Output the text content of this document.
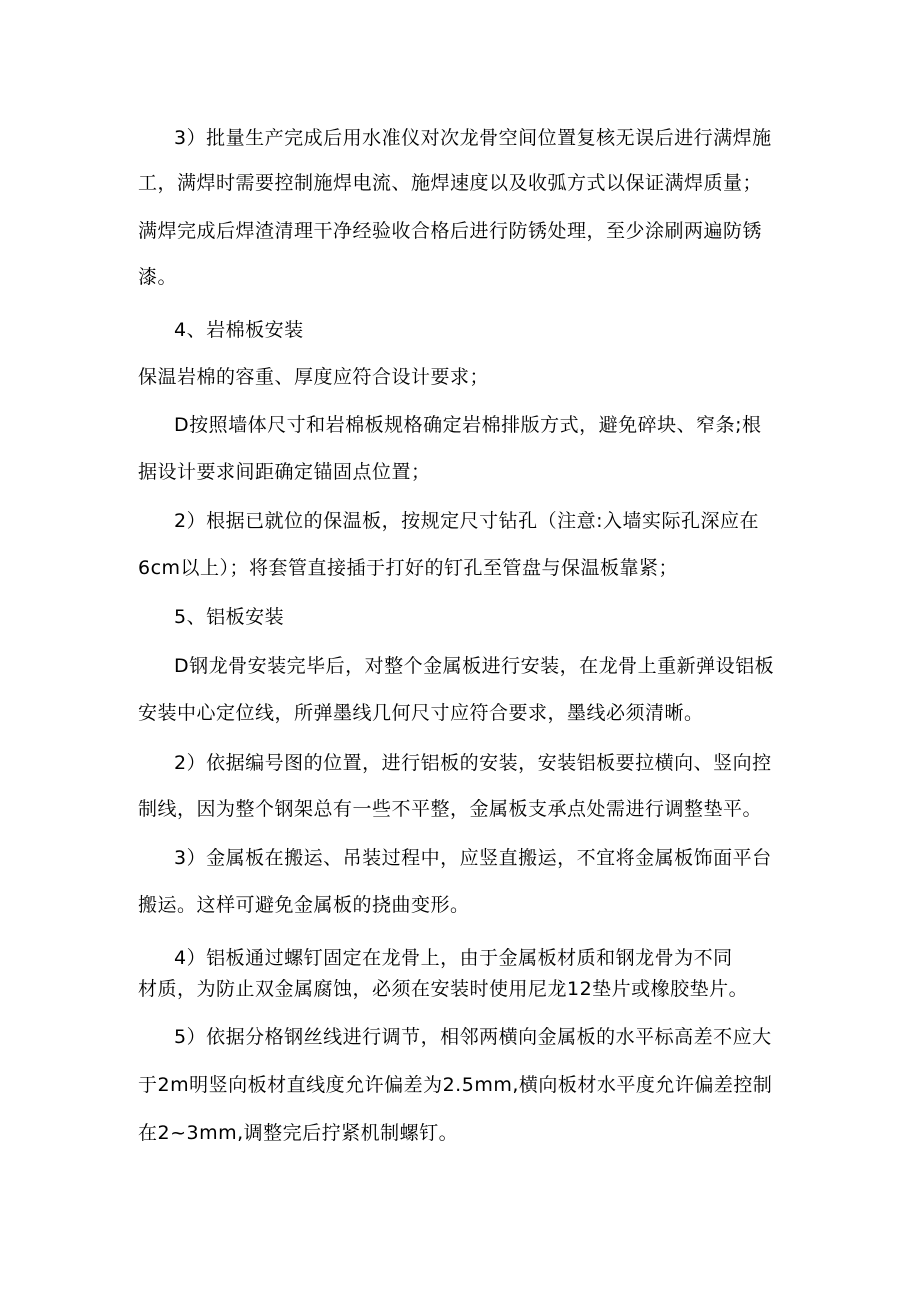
3）批量生产完成后用水准仪对次龙骨空间位置复核无误后进行满焊施
工，满焊时需要控制施焊电流、施焊速度以及收弧方式以保证满焊质量；
满焊完成后焊渣清理干净经验收合格后进行防锈处理，至少涂刷两遍防锈
漆。
4、岩棉板安装
保温岩棉的容重、厚度应符合设计要求；
D按照墙体尺寸和岩棉板规格确定岩棉排版方式，避免碎块、窄条;根
据设计要求间距确定锚固点位置；
2）根据已就位的保温板，按规定尺寸钻孔（注意:入墙实际孔深应在
6cm以上）；将套管直接插于打好的钉孔至管盘与保温板靠紧；
5、铝板安装
D钢龙骨安装完毕后，对整个金属板进行安装，在龙骨上重新弹设铝板
安装中心定位线，所弹墨线几何尺寸应符合要求，墨线必须清晰。
2）依据编号图的位置，进行铝板的安装，安装铝板要拉横向、竖向控
制线，因为整个钢架总有一些不平整，金属板支承点处需进行调整垫平。
3）金属板在搬运、吊装过程中，应竖直搬运，不宜将金属板饰面平台
搬运。这样可避免金属板的挠曲变形。
4）铝板通过螺钉固定在龙骨上，由于金属板材质和钢龙骨为不同
材质，为防止双金属腐蚀，必须在安装时使用尼龙12垫片或橡胶垫片。
5）依据分格钢丝线进行调节，相邻两横向金属板的水平标高差不应大
于2m明竖向板材直线度允许偏差为2.5mm,横向板材水平度允许偏差控制
在2~3mm,调整完后拧紧机制螺钉。
